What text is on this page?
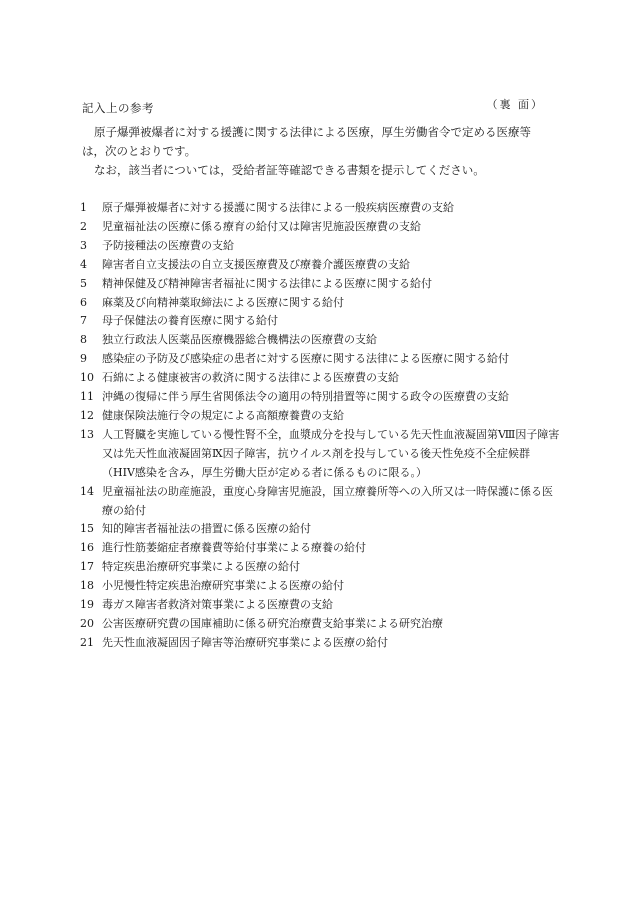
（裏 面）
記入上の参考

原子爆弾被爆者に対する援護に関する法律による医療，厚生労働省令で定める医療等は，次のとおりです。

なお，該当者については，受給者証等確認できる書類を提示してください。

1	原子爆弾被爆者に対する援護に関する法律による一般疾病医療費の支給
2	児童福祉法の医療に係る療育の給付又は障害児施設医療費の支給
3	予防接種法の医療費の支給
4	障害者自立支援法の自立支援医療費及び療養介護医療費の支給
5	精神保健及び精神障害者福祉に関する法律による医療に関する給付
6	麻薬及び向精神薬取締法による医療に関する給付
7	母子保健法の養育医療に関する給付
8	独立行政法人医薬品医療機器総合機構法の医療費の支給
9	感染症の予防及び感染症の患者に対する医療に関する法律による医療に関する給付
10 石綿による健康被害の救済に関する法律による医療費の支給
11 沖縄の復帰に伴う厚生省関係法令の適用の特別措置等に関する政令の医療費の支給
12 健康保険法施行令の規定による高額療養費の支給
13 人工腎臓を実施している慢性腎不全，血漿成分を投与している先天性血液凝固第Ⅷ因子障害又は先天性血液凝固第Ⅸ因子障害，抗ウイルス剤を投与している後天性免疫不全症候群（HIV感染を含み，厚生労働大臣が定める者に係るものに限る。）
14 児童福祉法の助産施設，重度心身障害児施設，国立療養所等への入所又は一時保護に係る医療の給付
15 知的障害者福祉法の措置に係る医療の給付
16 進行性筋萎縮症者療養費等給付事業による療養の給付
17 特定疾患治療研究事業による医療の給付
18 小児慢性特定疾患治療研究事業による医療の給付
19 毒ガス障害者救済対策事業による医療費の支給
20 公害医療研究費の国庫補助に係る研究治療費支給事業による研究治療
21 先天性血液凝固因子障害等治療研究事業による医療の給付
